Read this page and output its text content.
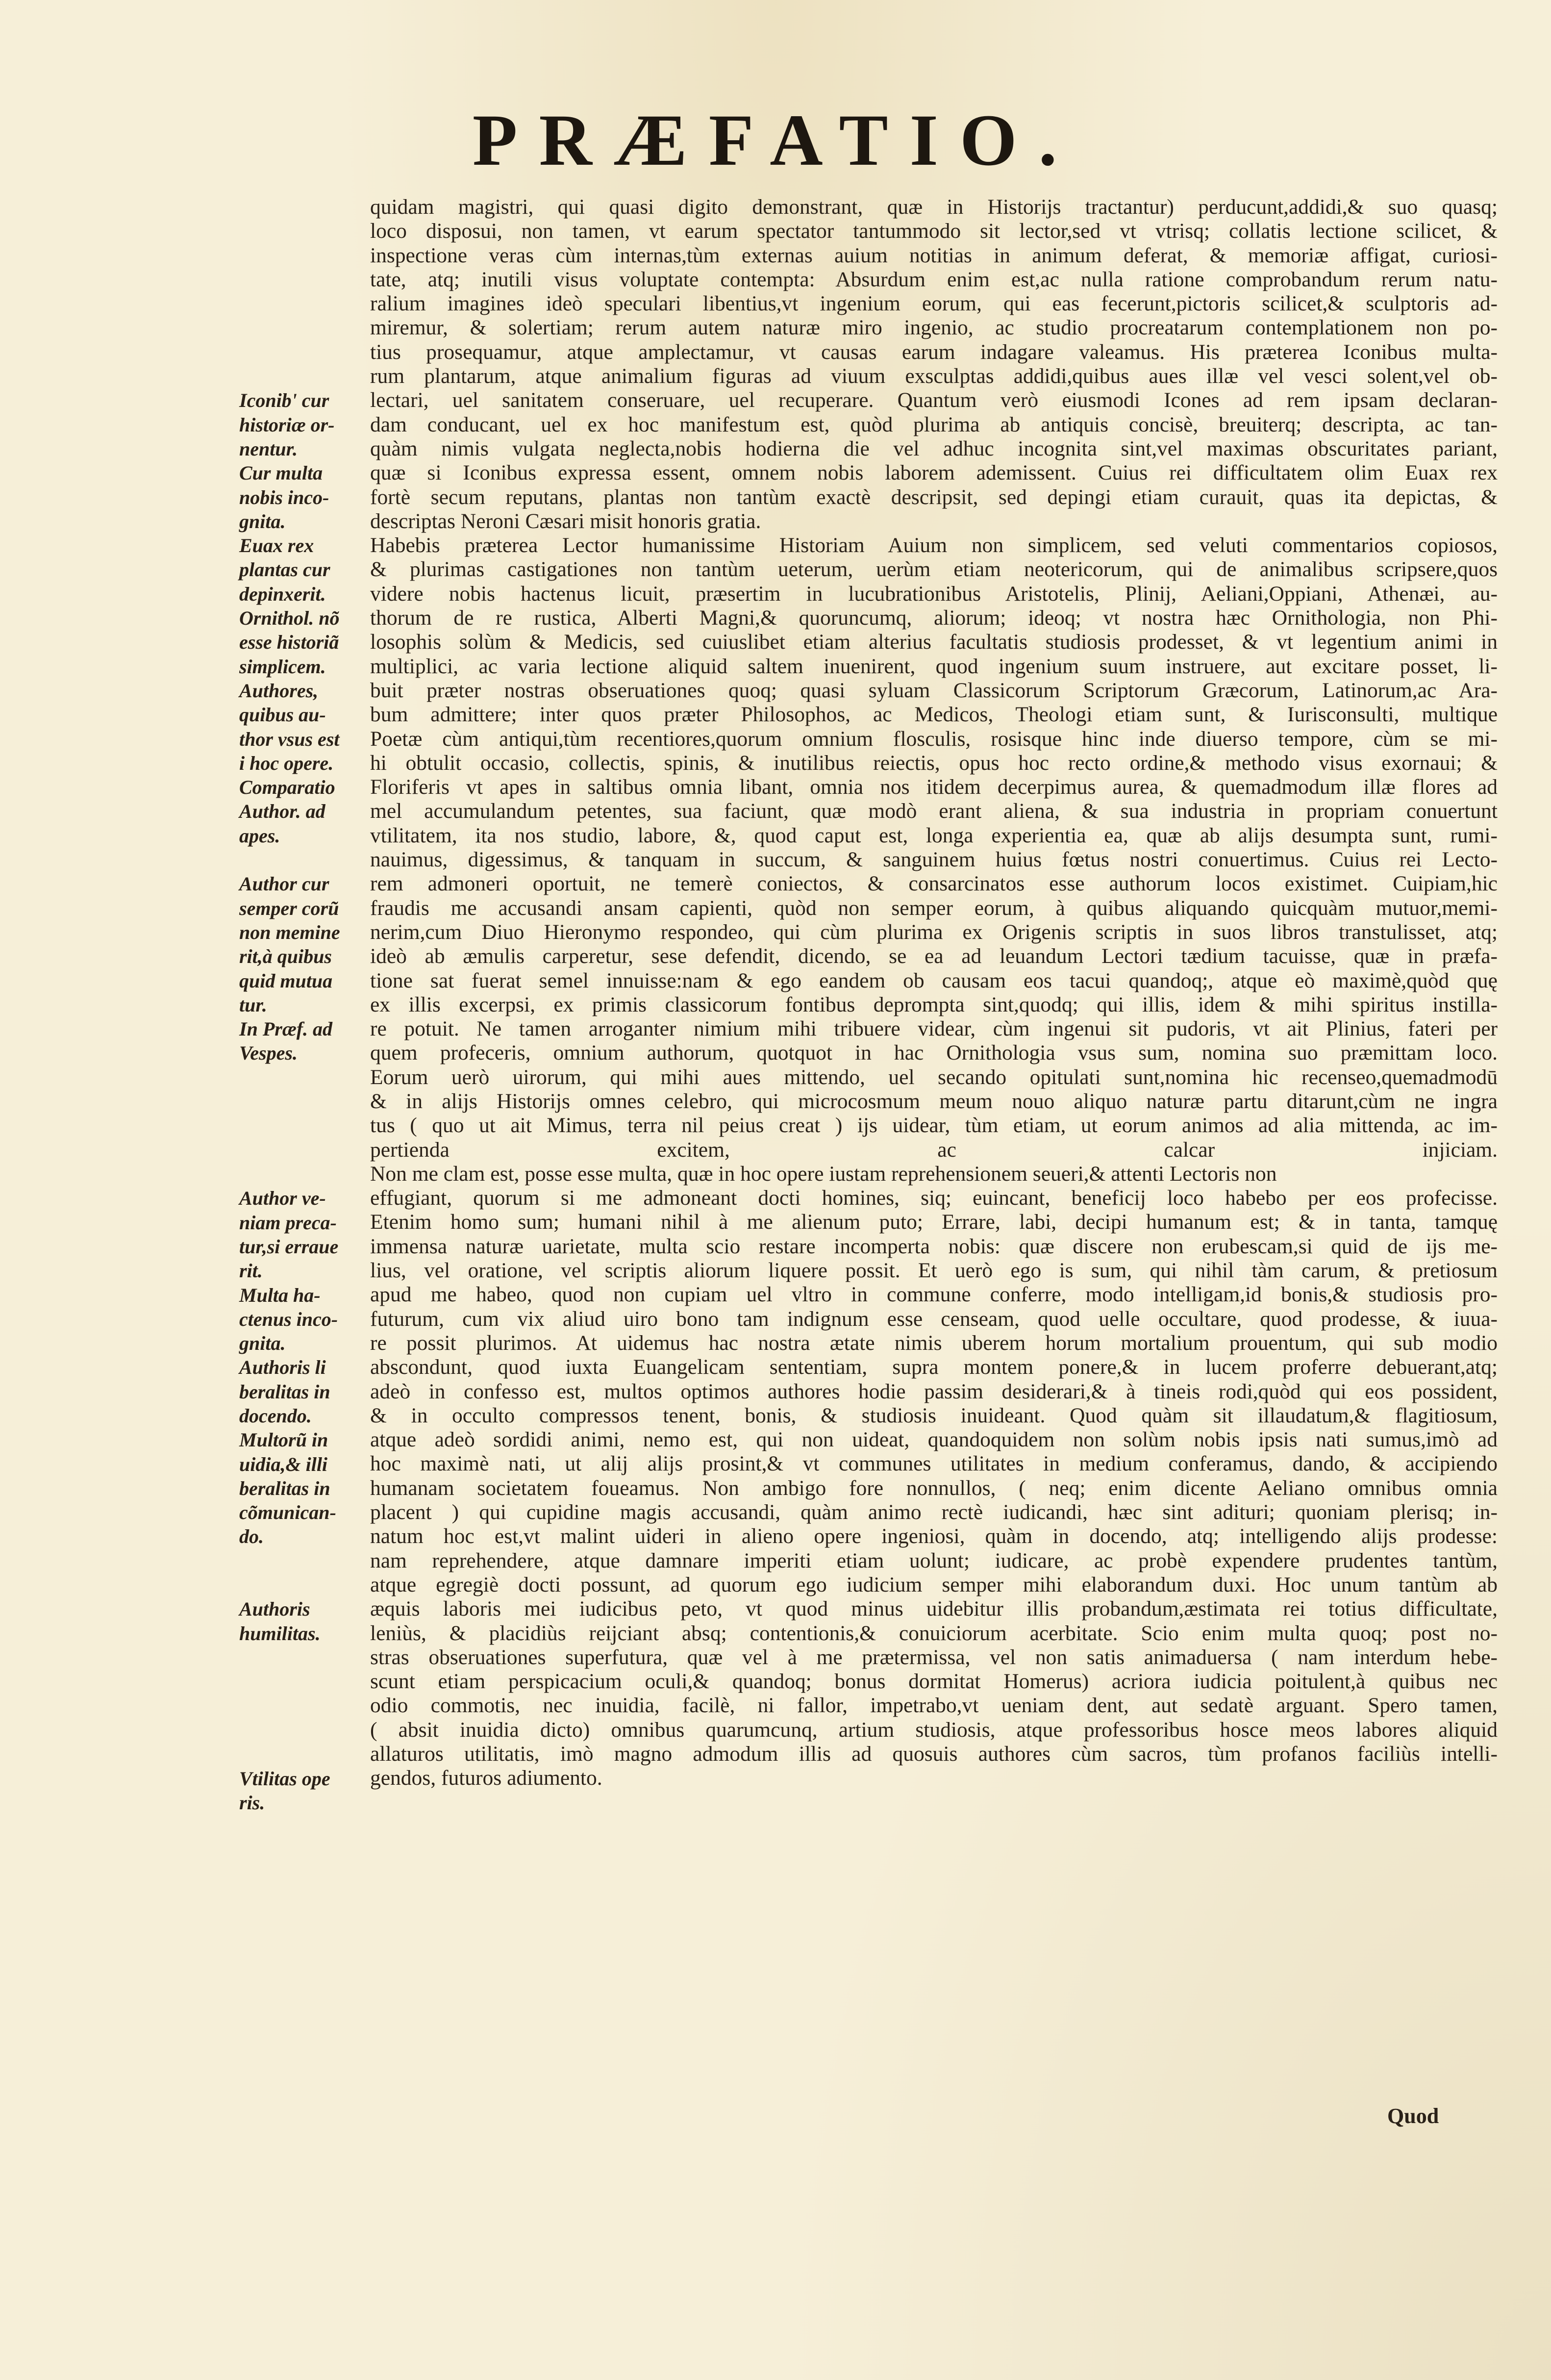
PRÆFATIO.
Iconib' cur
historiæ or-
nentur.
Cur multa
nobis inco-
gnita.
Euax rex
plantas cur
depinxerit.
Ornithol. nõ
esse historiã
simplicem.
Authores,
quibus au-
thor vsus est
i hoc opere.
Comparatio
Author. ad
apes.
Author cur
semper corũ
non memine
rit,à quibus
quid mutua
tur.
In Præf. ad
Vespes.
Author ve-
niam preca-
tur,si erraue
rit.
Multa ha-
ctenus inco-
gnita.
Authoris li
beralitas in
docendo.
Multorũ in
uidia,& illi
beralitas in
cõmunican-
do.
Authoris
humilitas.
Vtilitas ope
ris.
quidam magistri, qui quasi digito demonstrant, quæ in Historijs tractantur) perducunt,addidi,& suo quasq;
loco disposui, non tamen, vt earum spectator tantummodo sit lector,sed vt vtrisq; collatis lectione scilicet, &
inspectione veras cùm internas,tùm externas auium notitias in animum deferat, & memoriæ affigat, curiosi-
tate, atq; inutili visus voluptate contempta: Absurdum enim est,ac nulla ratione comprobandum rerum natu-
ralium imagines ideò speculari libentius,vt ingenium eorum, qui eas fecerunt,pictoris scilicet,& sculptoris ad-
miremur, & solertiam; rerum autem naturæ miro ingenio, ac studio procreatarum contemplationem non po-
tius prosequamur, atque amplectamur, vt causas earum indagare valeamus. His præterea Iconibus multa-
rum plantarum, atque animalium figuras ad viuum exsculptas addidi,quibus aues illæ vel vesci solent,vel ob-
lectari, uel sanitatem conseruare, uel recuperare. Quantum verò eiusmodi Icones ad rem ipsam declaran-
dam conducant, uel ex hoc manifestum est, quòd plurima ab antiquis concisè, breuiterq; descripta, ac tan-
quàm nimis vulgata neglecta,nobis hodierna die vel adhuc incognita sint,vel maximas obscuritates pariant,
quæ si Iconibus expressa essent, omnem nobis laborem ademissent. Cuius rei difficultatem olim Euax rex
fortè secum reputans, plantas non tantùm exactè descripsit, sed depingi etiam curauit, quas ita depictas, &
descriptas Neroni Cæsari misit honoris gratia.
Habebis præterea Lector humanissime Historiam Auium non simplicem, sed veluti commentarios copiosos,
& plurimas castigationes non tantùm ueterum, uerùm etiam neotericorum, qui de animalibus scripsere,quos
videre nobis hactenus licuit, præsertim in lucubrationibus Aristotelis, Plinij, Aeliani,Oppiani, Athenæi, au-
thorum de re rustica, Alberti Magni,& quoruncumq, aliorum; ideoq; vt nostra hæc Ornithologia, non Phi-
losophis solùm & Medicis, sed cuiuslibet etiam alterius facultatis studiosis prodesset, & vt legentium animi in
multiplici, ac varia lectione aliquid saltem inuenirent, quod ingenium suum instruere, aut excitare posset, li-
buit præter nostras obseruationes quoq; quasi syluam Classicorum Scriptorum Græcorum, Latinorum,ac Ara-
bum admittere; inter quos præter Philosophos, ac Medicos, Theologi etiam sunt, & Iurisconsulti, multique
Poetæ cùm antiqui,tùm recentiores,quorum omnium flosculis, rosisque hinc inde diuerso tempore, cùm se mi-
hi obtulit occasio, collectis, spinis, & inutilibus reiectis, opus hoc recto ordine,& methodo visus exornaui; &
Floriferis vt apes in saltibus omnia libant, omnia nos itidem decerpimus aurea, & quemadmodum illæ flores ad
mel accumulandum petentes, sua faciunt, quæ modò erant aliena, & sua industria in propriam conuertunt
vtilitatem, ita nos studio, labore, &, quod caput est, longa experientia ea, quæ ab alijs desumpta sunt, rumi-
nauimus, digessimus, & tanquam in succum, & sanguinem huius fœtus nostri conuertimus. Cuius rei Lecto-
rem admoneri oportuit, ne temerè coniectos, & consarcinatos esse authorum locos existimet. Cuipiam,hic
fraudis me accusandi ansam capienti, quòd non semper eorum, à quibus aliquando quicquàm mutuor,memi-
nerim,cum Diuo Hieronymo respondeo, qui cùm plurima ex Origenis scriptis in suos libros transtulisset, atq;
ideò ab æmulis carperetur, sese defendit, dicendo, se ea ad leuandum Lectori tædium tacuisse, quæ in præfa-
tione sat fuerat semel innuisse:nam & ego eandem ob causam eos tacui quandoq;, atque eò maximè,quòd quę
ex illis excerpsi, ex primis classicorum fontibus deprompta sint,quodq; qui illis, idem & mihi spiritus instilla-
re potuit. Ne tamen arroganter nimium mihi tribuere videar, cùm ingenui sit pudoris, vt ait Plinius, fateri per
quem profeceris, omnium authorum, quotquot in hac Ornithologia vsus sum, nomina suo præmittam loco.
Eorum uerò uirorum, qui mihi aues mittendo, uel secando opitulati sunt,nomina hic recenseo,quemadmodū
& in alijs Historijs omnes celebro, qui microcosmum meum nouo aliquo naturæ partu ditarunt,cùm ne ingra
tus ( quo ut ait Mimus, terra nil peius creat ) ijs uidear, tùm etiam, ut eorum animos ad alia mittenda, ac im-
pertienda excitem, ac calcar injiciam.
Non me clam est, posse esse multa, quæ in hoc opere iustam reprehensionem seueri,& attenti Lectoris non
effugiant, quorum si me admoneant docti homines, siq; euincant, beneficij loco habebo per eos profecisse.
Etenim homo sum; humani nihil à me alienum puto; Errare, labi, decipi humanum est; & in tanta, tamquę
immensa naturæ uarietate, multa scio restare incomperta nobis: quæ discere non erubescam,si quid de ijs me-
lius, vel oratione, vel scriptis aliorum liquere possit. Et uerò ego is sum, qui nihil tàm carum, & pretiosum
apud me habeo, quod non cupiam uel vltro in commune conferre, modo intelligam,id bonis,& studiosis pro-
futurum, cum vix aliud uiro bono tam indignum esse censeam, quod uelle occultare, quod prodesse, & iuua-
re possit plurimos. At uidemus hac nostra ætate nimis uberem horum mortalium prouentum, qui sub modio
abscondunt, quod iuxta Euangelicam sententiam, supra montem ponere,& in lucem proferre debuerant,atq;
adeò in confesso est, multos optimos authores hodie passim desiderari,& à tineis rodi,quòd qui eos possident,
& in occulto compressos tenent, bonis, & studiosis inuideant. Quod quàm sit illaudatum,& flagitiosum,
atque adeò sordidi animi, nemo est, qui non uideat, quandoquidem non solùm nobis ipsis nati sumus,imò ad
hoc maximè nati, ut alij alijs prosint,& vt communes utilitates in medium conferamus, dando, & accipiendo
humanam societatem foueamus. Non ambigo fore nonnullos, ( neq; enim dicente Aeliano omnibus omnia
placent ) qui cupidine magis accusandi, quàm animo rectè iudicandi, hæc sint adituri; quoniam plerisq; in-
natum hoc est,vt malint uideri in alieno opere ingeniosi, quàm in docendo, atq; intelligendo alijs prodesse:
nam reprehendere, atque damnare imperiti etiam uolunt; iudicare, ac probè expendere prudentes tantùm,
atque egregiè docti possunt, ad quorum ego iudicium semper mihi elaborandum duxi. Hoc unum tantùm ab
æquis laboris mei iudicibus peto, vt quod minus uidebitur illis probandum,æstimata rei totius difficultate,
leniùs, & placidiùs reijciant absq; contentionis,& conuiciorum acerbitate. Scio enim multa quoq; post no-
stras obseruationes superfutura, quæ vel à me prætermissa, vel non satis animaduersa ( nam interdum hebe-
scunt etiam perspicacium oculi,& quandoq; bonus dormitat Homerus) acriora iudicia poitulent,à quibus nec
odio commotis, nec inuidia, facilè, ni fallor, impetrabo,vt ueniam dent, aut sedatè arguant. Spero tamen,
( absit inuidia dicto) omnibus quarumcunq, artium studiosis, atque professoribus hosce meos labores aliquid
allaturos utilitatis, imò magno admodum illis ad quosuis authores cùm sacros, tùm profanos faciliùs intelli-
gendos, futuros adiumento.
Quod
